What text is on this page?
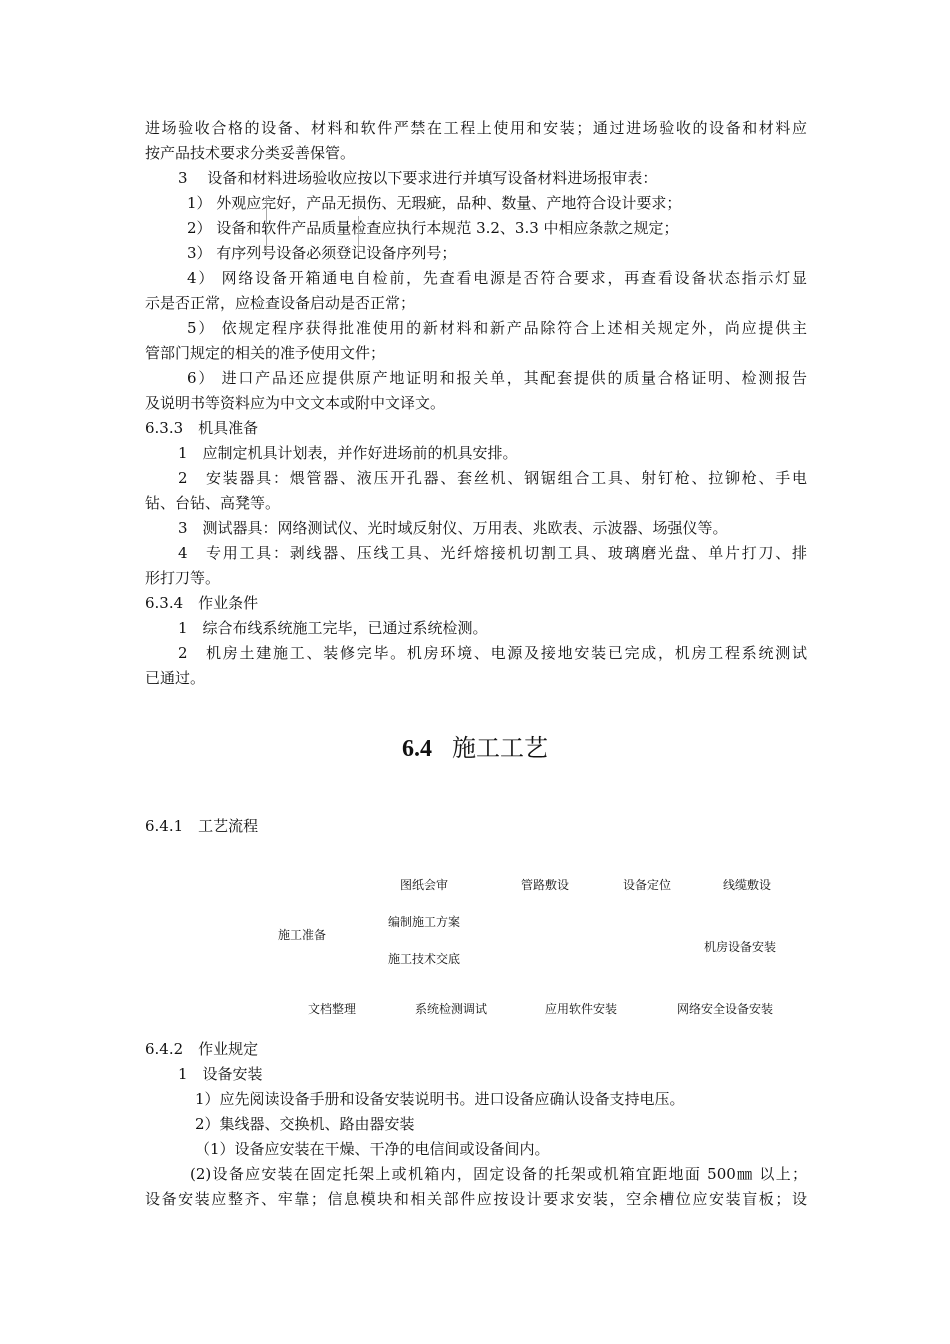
进场验收合格的设备、材料和软件严禁在工程上使用和安装；通过进场验收的设备和材料应
按产品技术要求分类妥善保管。
3　 设备和材料进场验收应按以下要求进行并填写设备材料进场报审表：
1） 外观应完好，产品无损伤、无瑕疵，品种、数量、产地符合设计要求；
2） 设备和软件产品质量检查应执行本规范 3.2、3.3 中相应条款之规定；
3） 有序列号设备必须登记设备序列号；
4） 网络设备开箱通电自检前，先查看电源是否符合要求，再查看设备状态指示灯显
示是否正常，应检查设备启动是否正常；
5） 依规定程序获得批准使用的新材料和新产品除符合上述相关规定外，尚应提供主
管部门规定的相关的准予使用文件；
6） 进口产品还应提供原产地证明和报关单，其配套提供的质量合格证明、检测报告
及说明书等资料应为中文文本或附中文译文。
6.3.3　机具准备
1　应制定机具计划表，并作好进场前的机具安排。
2　安装器具：煨管器、液压开孔器、套丝机、钢锯组合工具、射钉枪、拉铆枪、手电
钻、台钻、高凳等。
3　测试器具：网络测试仪、光时域反射仪、万用表、兆欧表、示波器、场强仪等。
4　专用工具：剥线器、压线工具、光纤熔接机切割工具、玻璃磨光盘、单片打刀、排
形打刀等。
6.3.4　作业条件
1　综合布线系统施工完毕，已通过系统检测。
2　机房土建施工、装修完毕。机房环境、电源及接地安装已完成，机房工程系统测试
已通过。
6.4 施工工艺
6.4.1　工艺流程
图纸会审	管路敷设	设备定位	线缆敷设
编制施工方案
施工准备
机房设备安装
施工技术交底
文档整理	系统检测调试	应用软件安装	网络安全设备安装
6.4.2　作业规定
1　设备安装
1）应先阅读设备手册和设备安装说明书。进口设备应确认设备支持电压。
2）集线器、交换机、路由器安装
（1）设备应安装在干燥、干净的电信间或设备间内。
(2)设备应安装在固定托架上或机箱内，固定设备的托架或机箱宜距地面 500㎜ 以上；
设备安装应整齐、牢靠；信息模块和相关部件应按设计要求安装，空余槽位应安装盲板；设
